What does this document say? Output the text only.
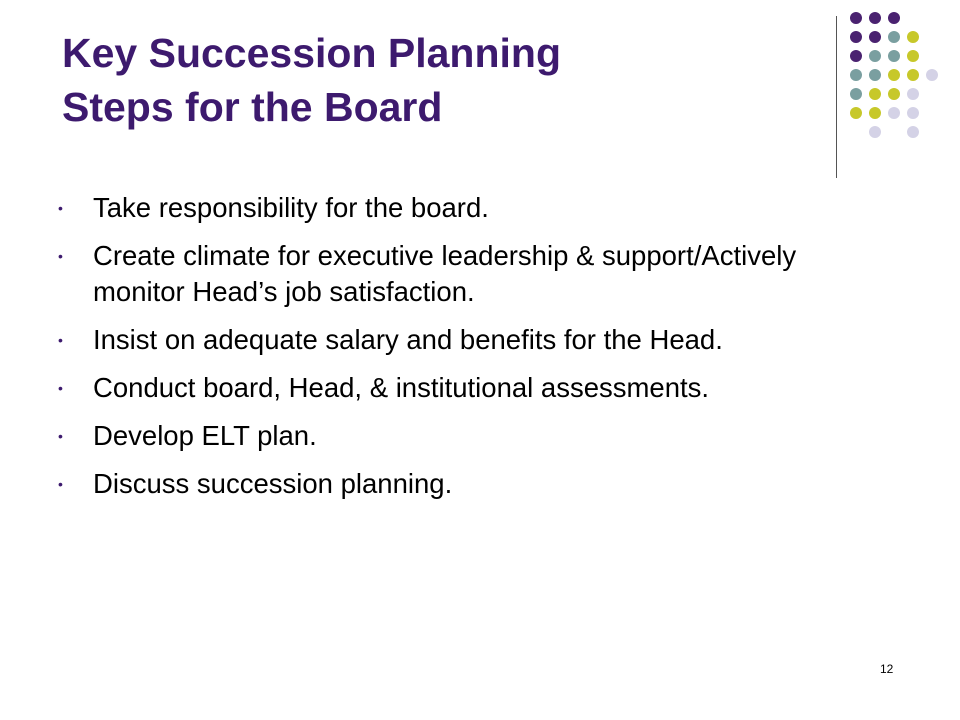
Key Succession Planning
Steps for the Board
• Take responsibility for the board.
• Create climate for executive leadership & support/Actively monitor Head’s job satisfaction.
• Insist on adequate salary and benefits for the Head.
• Conduct board, Head, & institutional assessments.
• Develop ELT plan.
• Discuss succession planning.
12
